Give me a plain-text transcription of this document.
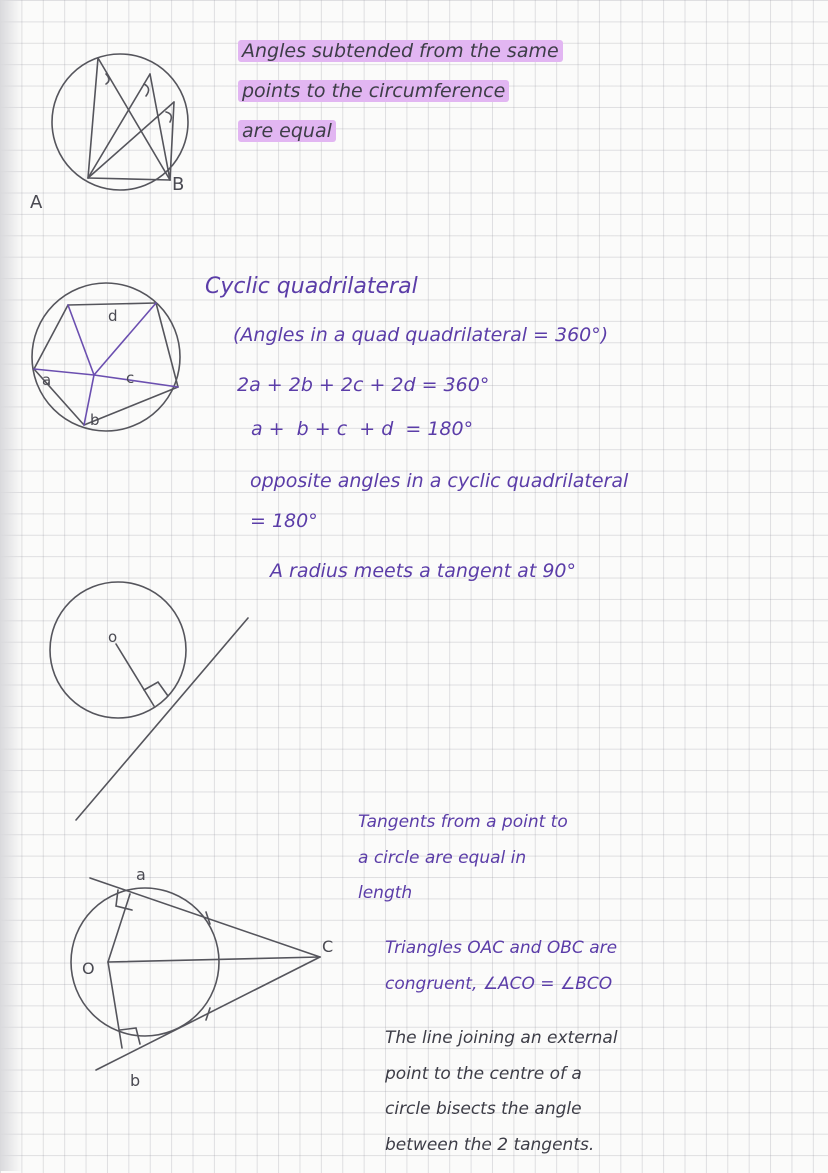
A
B

Angles subtended from the same

points to the circumference

are equal

a
b
c
d

Cyclic quadrilateral

(Angles in a quad quadrilateral = 360°)

2a + 2b + 2c + 2d = 360°

a +  b + c  + d  = 180°

opposite angles in a cyclic quadrilateral

= 180°

o
A radius meets a tangent at 90°

Tangents from a point to

a circle are equal in

length

a
b
C
O

Triangles OAC and OBC are

congruent, ∠ACO = ∠BCO

The line joining an external

point to the centre of a

circle bisects the angle

between the 2 tangents.
